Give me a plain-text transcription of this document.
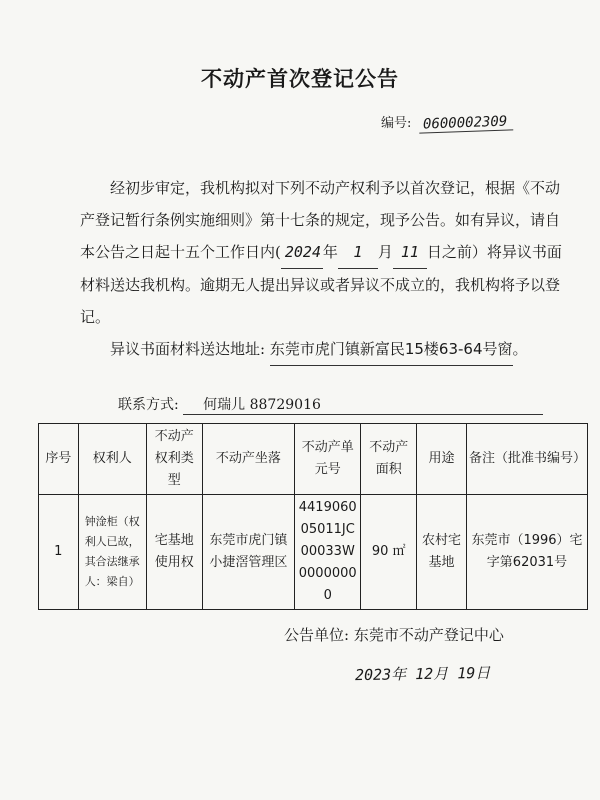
不动产首次登记公告
编号: 0600002309
经初步审定，我机构拟对下列不动产权利予以首次登记，根据《不动产登记暂行条例实施细则》第十七条的规定，现予公告。如有异议，请自本公告之日起十五个工作日内( 2024 年 1 月 11 日之前）将异议书面材料送达我机构。逾期无人提出异议或者异议不成立的，我机构将予以登记。
异议书面材料送达地址: 东莞市虎门镇新富民15楼63-64号窗。
联系方式: 何瑞儿 88729016
序号	权利人	不动产权利类型	不动产坐落	不动产单元号	不动产面积	用途	备注（批准书编号）
1	钟淦柜（权利人已故，其合法继承人：梁自）	宅基地使用权	东莞市虎门镇小捷滘管理区	441906005011JC00033W00000000	90 ㎡	农村宅基地	东莞市（1996）宅字第62031号
公告单位: 东莞市不动产登记中心
2023年 12月 19日
